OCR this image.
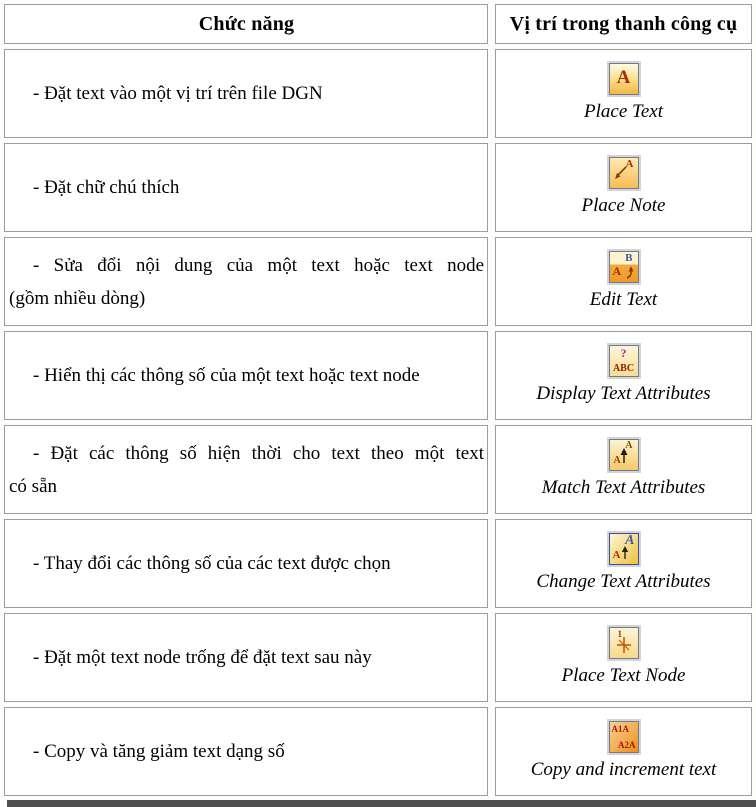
Chức năng	Vị trí trong thanh công cụ
- Đặt text vào một vị trí trên file DGN
A
Place Text
- Đặt chữ chú thích
A
Place Note
- Sửa đổi nội dung của một text hoặc text node
(gồm nhiều dòng)
B
A
Edit Text
- Hiển thị các thông số của một text hoặc text node
?
ABC
Display Text Attributes
- Đặt các thông số hiện thời cho text theo một text
có sẵn
A
A
Match Text Attributes
- Thay đổi các thông số của các text được chọn
A
A
Change Text Attributes
- Đặt một text node trống để đặt text sau này
1
Place Text Node
- Copy và tăng giảm text dạng số
A1A
A2A
Copy and increment text
